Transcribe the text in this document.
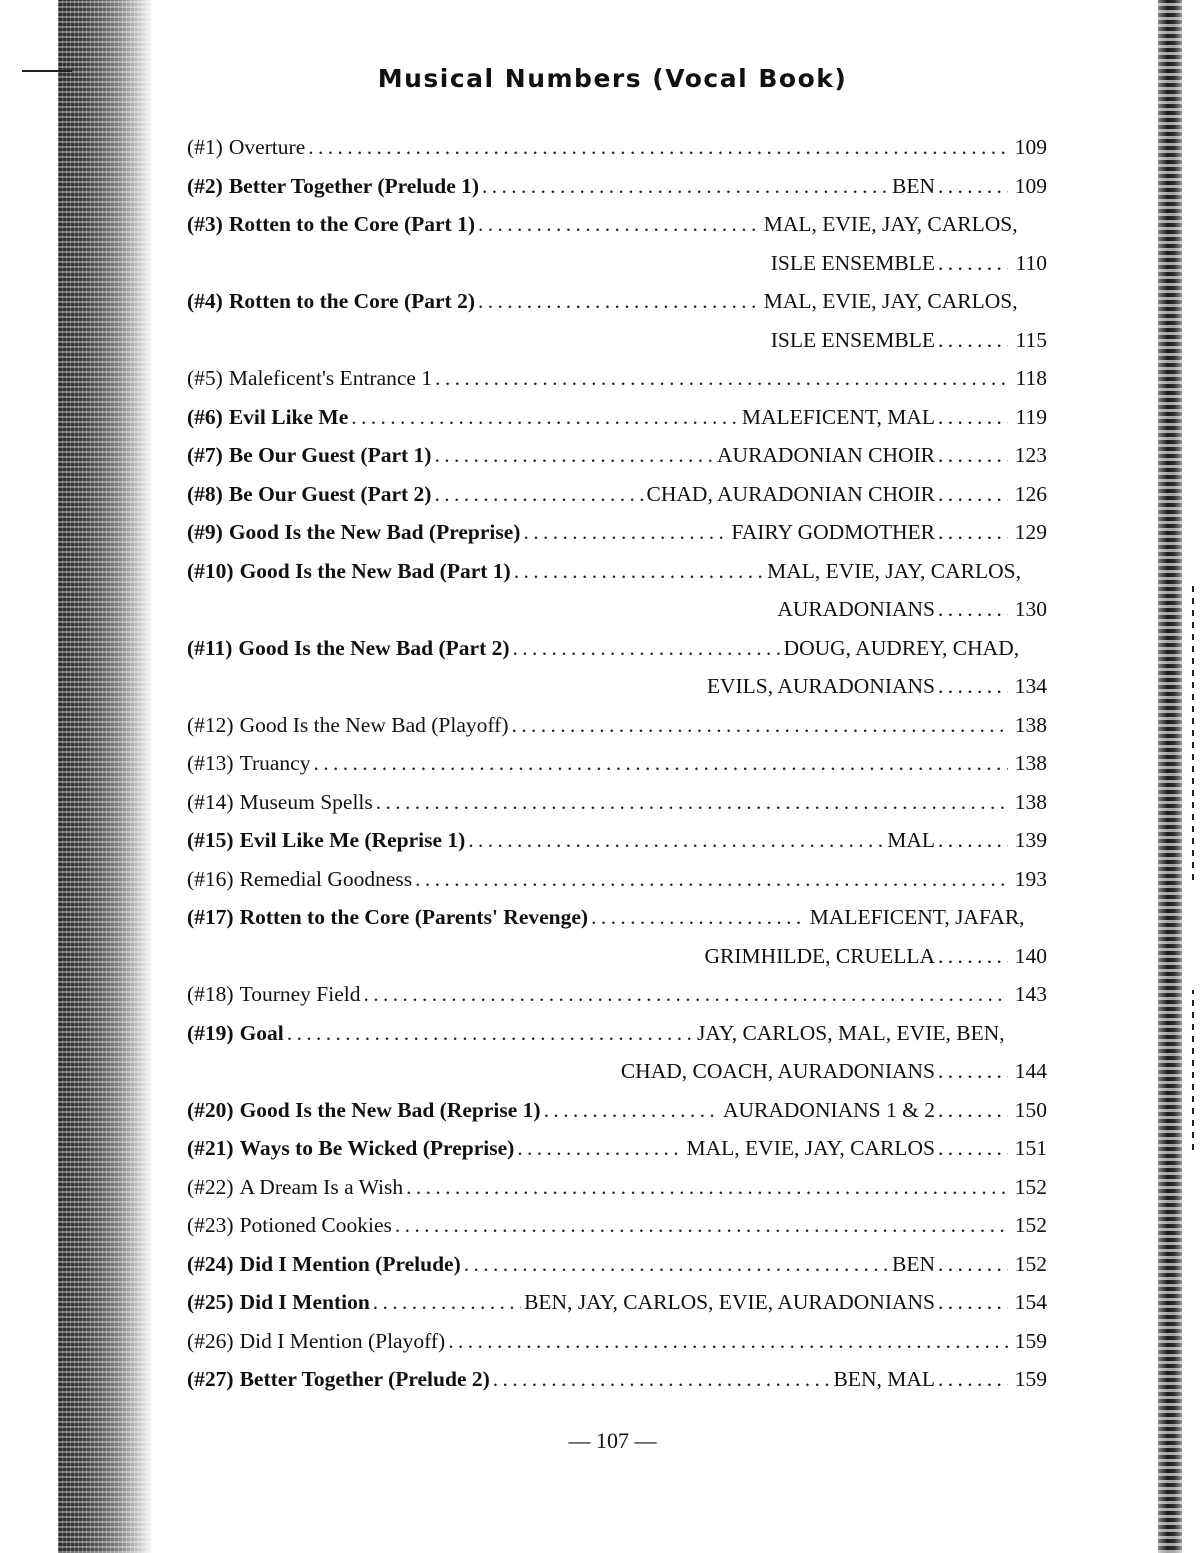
Musical Numbers (Vocal Book)
(#1) Overture . . .	109
(#2) Better Together (Prelude 1) . . .	BEN . . .	109
(#3) Rotten to the Core (Part 1) . . .	MAL, EVIE, JAY, CARLOS,
ISLE ENSEMBLE . . .	110
(#4) Rotten to the Core (Part 2) . . .	MAL, EVIE, JAY, CARLOS,
ISLE ENSEMBLE . . .	115
(#5) Maleficent's Entrance 1 . . .	118
(#6) Evil Like Me . . .	MALEFICENT, MAL . . .	119
(#7) Be Our Guest (Part 1) . . .	AURADONIAN CHOIR . . .	123
(#8) Be Our Guest (Part 2) . . .	CHAD, AURADONIAN CHOIR . . .	126
(#9) Good Is the New Bad (Preprise) . . .	FAIRY GODMOTHER . . .	129
(#10) Good Is the New Bad (Part 1) . . .	MAL, EVIE, JAY, CARLOS,
AURADONIANS . . .	130
(#11) Good Is the New Bad (Part 2) . . .	DOUG, AUDREY, CHAD,
EVILS, AURADONIANS . . .	134
(#12) Good Is the New Bad (Playoff) . . .	138
(#13) Truancy . . .	138
(#14) Museum Spells . . .	138
(#15) Evil Like Me (Reprise 1) . . .	MAL . . .	139
(#16) Remedial Goodness . . .	193
(#17) Rotten to the Core (Parents' Revenge) . . .	MALEFICENT, JAFAR,
GRIMHILDE, CRUELLA . . .	140
(#18) Tourney Field . . .	143
(#19) Goal . . .	JAY, CARLOS, MAL, EVIE, BEN,
CHAD, COACH, AURADONIANS . . .	144
(#20) Good Is the New Bad (Reprise 1) . . .	AURADONIANS 1 & 2 . . .	150
(#21) Ways to Be Wicked (Preprise) . . .	MAL, EVIE, JAY, CARLOS . . .	151
(#22) A Dream Is a Wish . . .	152
(#23) Potioned Cookies . . .	152
(#24) Did I Mention (Prelude) . . .	BEN . . .	152
(#25) Did I Mention . . .	BEN, JAY, CARLOS, EVIE, AURADONIANS . . .	154
(#26) Did I Mention (Playoff) . . .	159
(#27) Better Together (Prelude 2) . . .	BEN, MAL . . .	159
— 107 —
